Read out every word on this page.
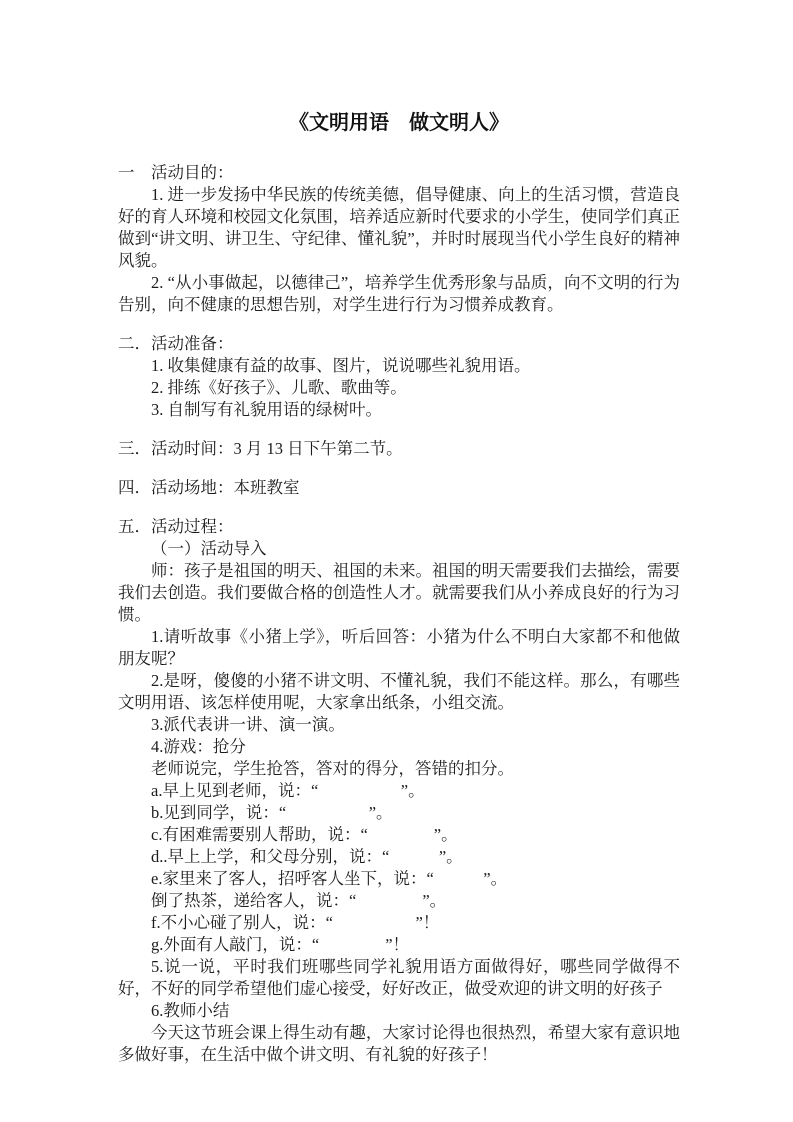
《文明用语　做文明人》
一　活动目的：

1. 进一步发扬中华民族的传统美德，倡导健康、向上的生活习惯，营造良好的育人环境和校园文化氛围，培养适应新时代要求的小学生，使同学们真正做到“讲文明、讲卫生、守纪律、懂礼貌”，并时时展现当代小学生良好的精神风貌。

2. “从小事做起，以德律己”，培养学生优秀形象与品质，向不文明的行为告别，向不健康的思想告别，对学生进行行为习惯养成教育。

二．活动准备：

1. 收集健康有益的故事、图片，说说哪些礼貌用语。

2. 排练《好孩子》、儿歌、歌曲等。

3. 自制写有礼貌用语的绿树叶。

三．活动时间：3 月 13 日下午第二节。
四．活动场地：本班教室
五．活动过程：

（一）活动导入

师：孩子是祖国的明天、祖国的未来。祖国的明天需要我们去描绘，需要我们去创造。我们要做合格的创造性人才。就需要我们从小养成良好的行为习惯。

1.请听故事《小猪上学》，听后回答：小猪为什么不明白大家都不和他做朋友呢？

2.是呀，傻傻的小猪不讲文明、不懂礼貌，我们不能这样。那么，有哪些文明用语、该怎样使用呢，大家拿出纸条，小组交流。

3.派代表讲一讲、演一演。

4.游戏：抢分

老师说完，学生抢答，答对的得分，答错的扣分。

a.早上见到老师，说：“　　　　　”。

b.见到同学，说：“　　　　　”。

c.有困难需要别人帮助，说：“　　　　”。

d..早上上学，和父母分别，说：“　　　”。

e.家里来了客人，招呼客人坐下，说：“　　　”。

倒了热茶，递给客人，说：“　　　　”。

f.不小心碰了别人，说：“　　　　　”！

g.外面有人敲门，说：“　　　　”！

5.说一说，平时我们班哪些同学礼貌用语方面做得好，哪些同学做得不好，不好的同学希望他们虚心接受，好好改正，做受欢迎的讲文明的好孩子

6.教师小结

今天这节班会课上得生动有趣，大家讨论得也很热烈，希望大家有意识地多做好事，在生活中做个讲文明、有礼貌的好孩子！
